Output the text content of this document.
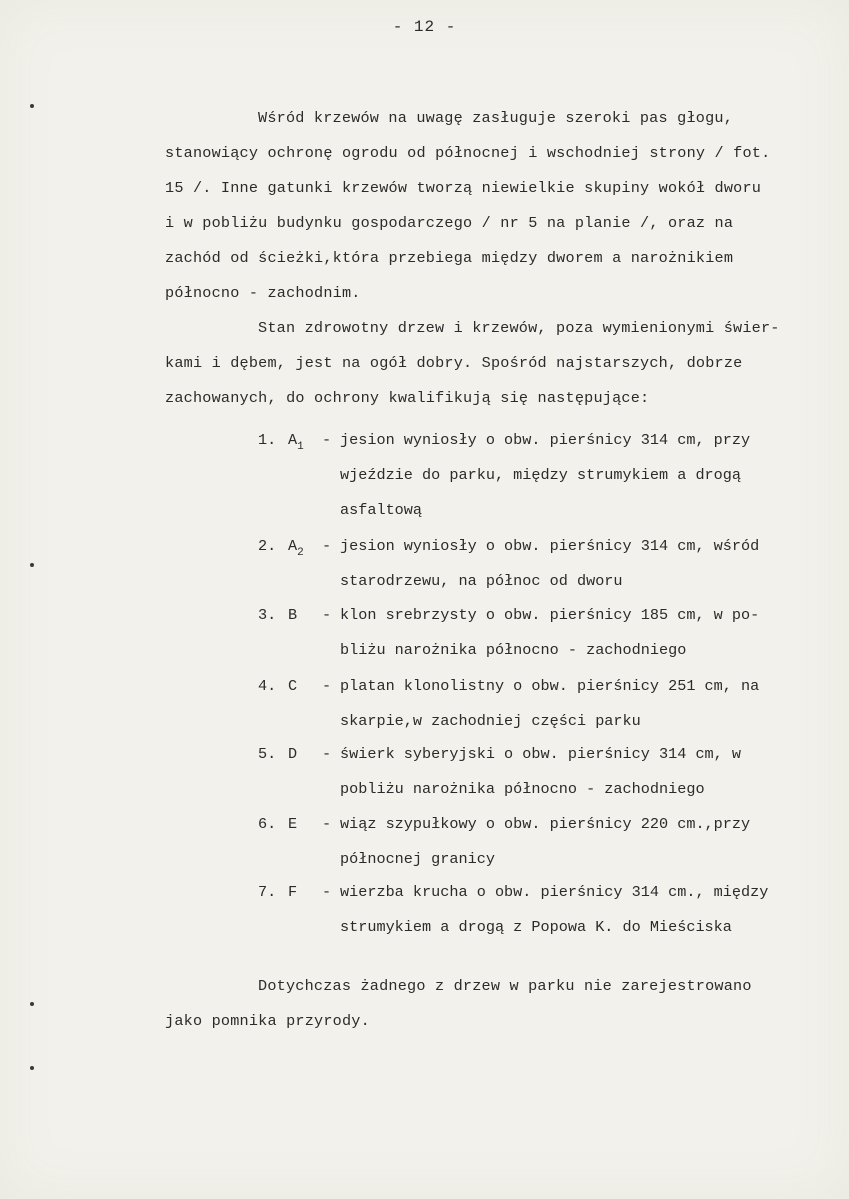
- 12 -
Wśród krzewów na uwagę zasługuje szeroki pas głogu,
stanowiący ochronę ogrodu od północnej i wschodniej strony / fot.
15 /. Inne gatunki krzewów tworzą niewielkie skupiny wokół dworu
i w pobliżu budynku gospodarczego / nr 5 na planie /, oraz na
zachód od ścieżki,która przebiega między dworem a narożnikiem
północno - zachodnim.
Stan zdrowotny drzew i krzewów, poza wymienionymi świer-
kami i dębem, jest na ogół dobry. Spośród najstarszych, dobrze
zachowanych, do ochrony kwalifikują się następujące:
1. $A_1$ - jesion wyniosły o obw. pierśnicy 314 cm, przy
wjeździe do parku, między strumykiem a drogą
asfaltową
2. $A_2$ - jesion wyniosły o obw. pierśnicy 314 cm, wśród
starodrzewu, na północ od dworu
3. B - klon srebrzysty o obw. pierśnicy 185 cm, w po-
bliżu narożnika północno - zachodniego
4. C - platan klonolistny o obw. pierśnicy 251 cm, na
skarpie,w zachodniej części parku
5. D - świerk syberyjski o obw. pierśnicy 314 cm, w
pobliżu narożnika północno - zachodniego
6. E - wiąz szypułkowy o obw. pierśnicy 220 cm.,przy
północnej granicy
7. F - wierzba krucha o obw. pierśnicy 314 cm., między
strumykiem a drogą z Popowa K. do Mieściska
Dotychczas żadnego z drzew w parku nie zarejestrowano
jako pomnika przyrody.
